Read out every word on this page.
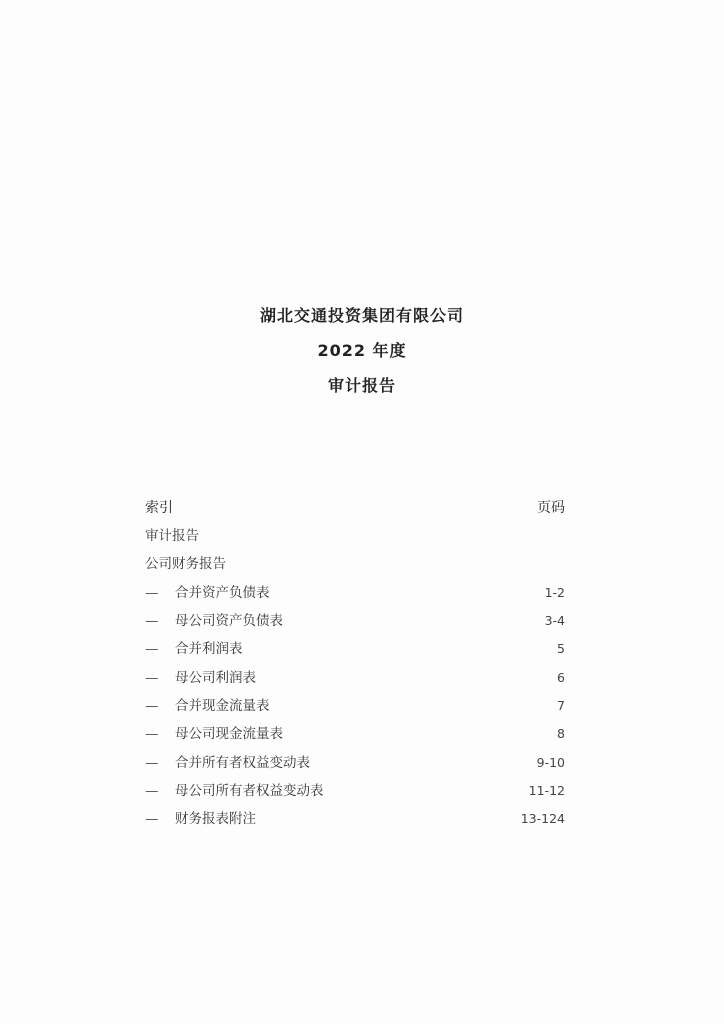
湖北交通投资集团有限公司
2022 年度
审计报告
索引	页码
审计报告
公司财务报告
—	合并资产负债表	1-2
—	母公司资产负债表	3-4
—	合并利润表	5
—	母公司利润表	6
—	合并现金流量表	7
—	母公司现金流量表	8
—	合并所有者权益变动表	9-10
—	母公司所有者权益变动表	11-12
—	财务报表附注	13-124
